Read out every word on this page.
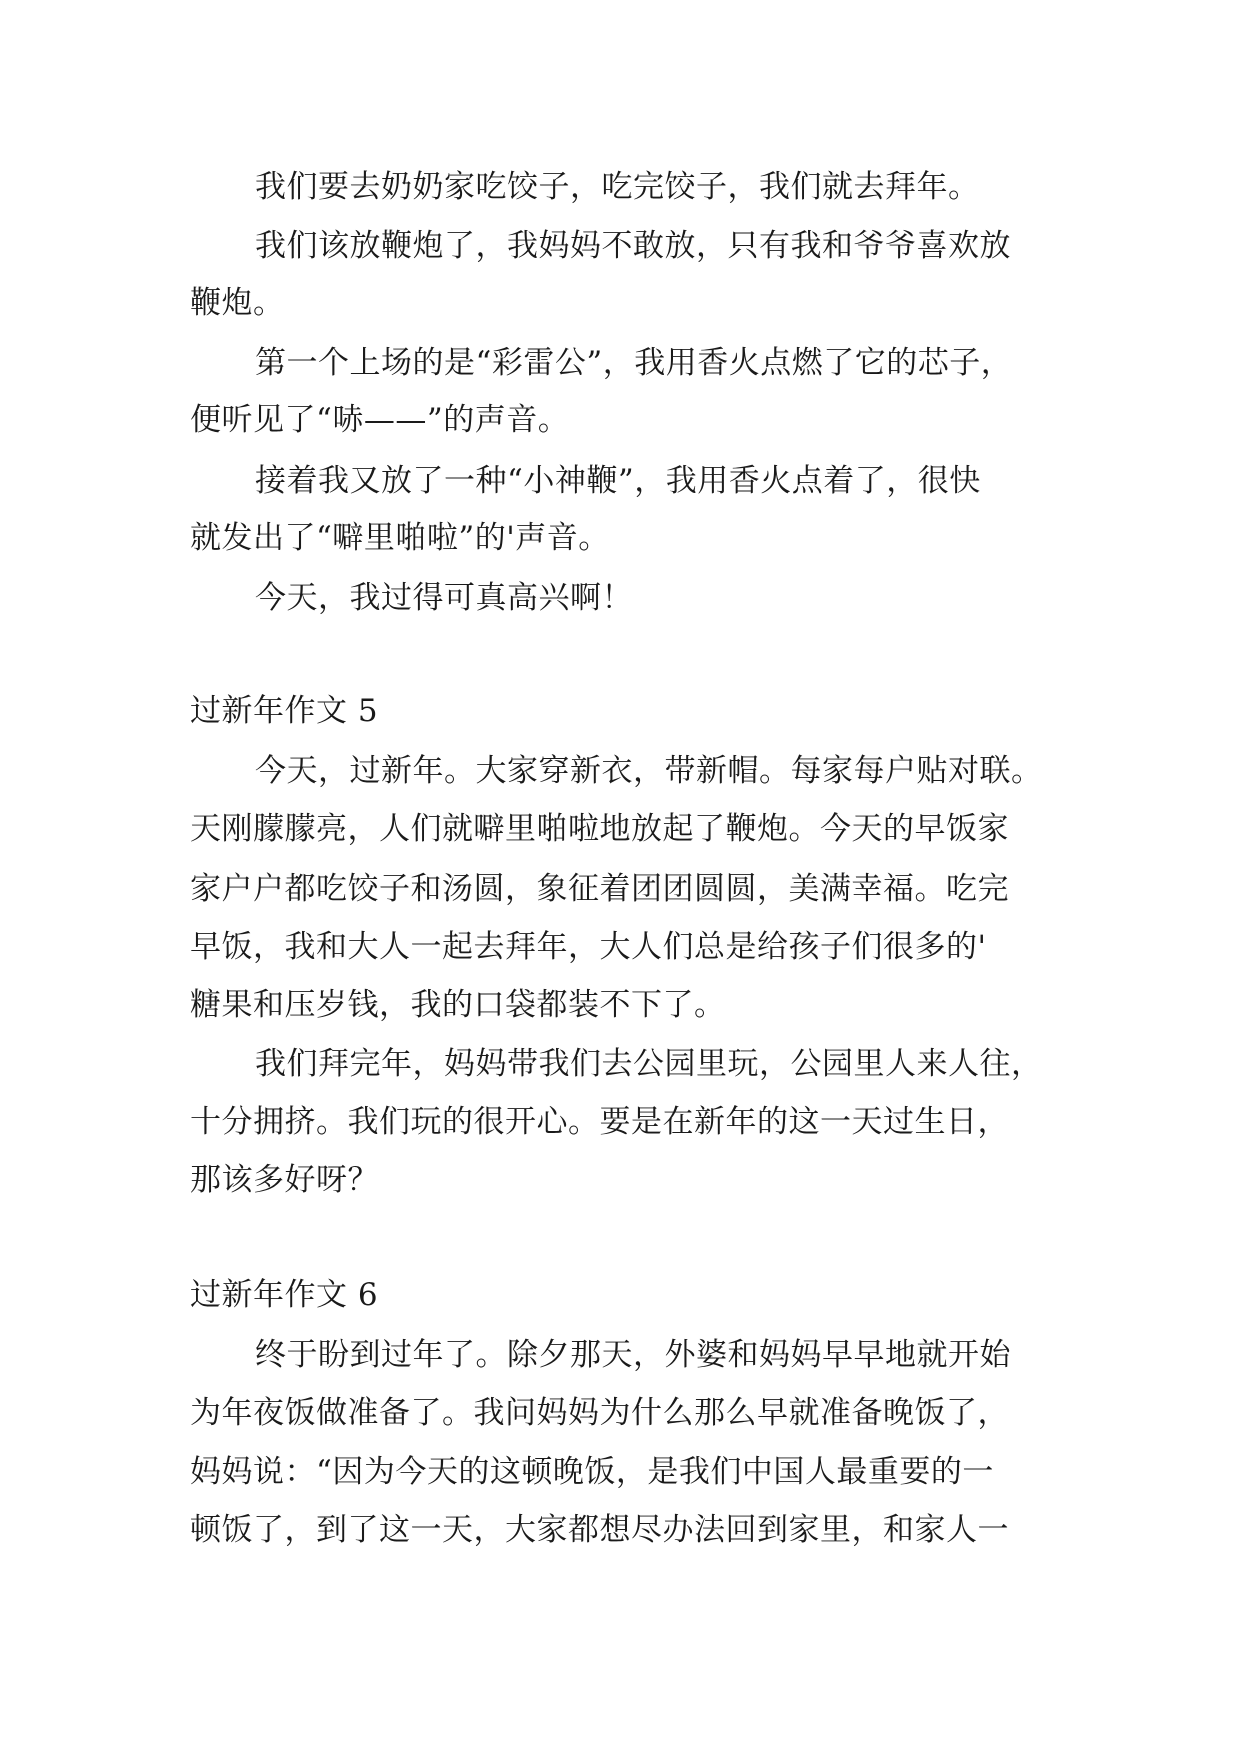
我们要去奶奶家吃饺子，吃完饺子，我们就去拜年。
我们该放鞭炮了，我妈妈不敢放，只有我和爷爷喜欢放
鞭炮。
第一个上场的是“彩雷公”，我用香火点燃了它的芯子，
便听见了“哧——”的声音。
接着我又放了一种“小神鞭”，我用香火点着了，很快
就发出了“噼里啪啦”的'声音。
今天，我过得可真高兴啊！
过新年作文 5
今天，过新年。大家穿新衣，带新帽。每家每户贴对联。
天刚朦朦亮，人们就噼里啪啦地放起了鞭炮。今天的早饭家
家户户都吃饺子和汤圆，象征着团团圆圆，美满幸福。吃完
早饭，我和大人一起去拜年，大人们总是给孩子们很多的'
糖果和压岁钱，我的口袋都装不下了。
我们拜完年，妈妈带我们去公园里玩，公园里人来人往，
十分拥挤。我们玩的很开心。要是在新年的这一天过生日，
那该多好呀？
过新年作文 6
终于盼到过年了。除夕那天，外婆和妈妈早早地就开始
为年夜饭做准备了。我问妈妈为什么那么早就准备晚饭了，
妈妈说：“因为今天的这顿晚饭，是我们中国人最重要的一
顿饭了，到了这一天，大家都想尽办法回到家里，和家人一
